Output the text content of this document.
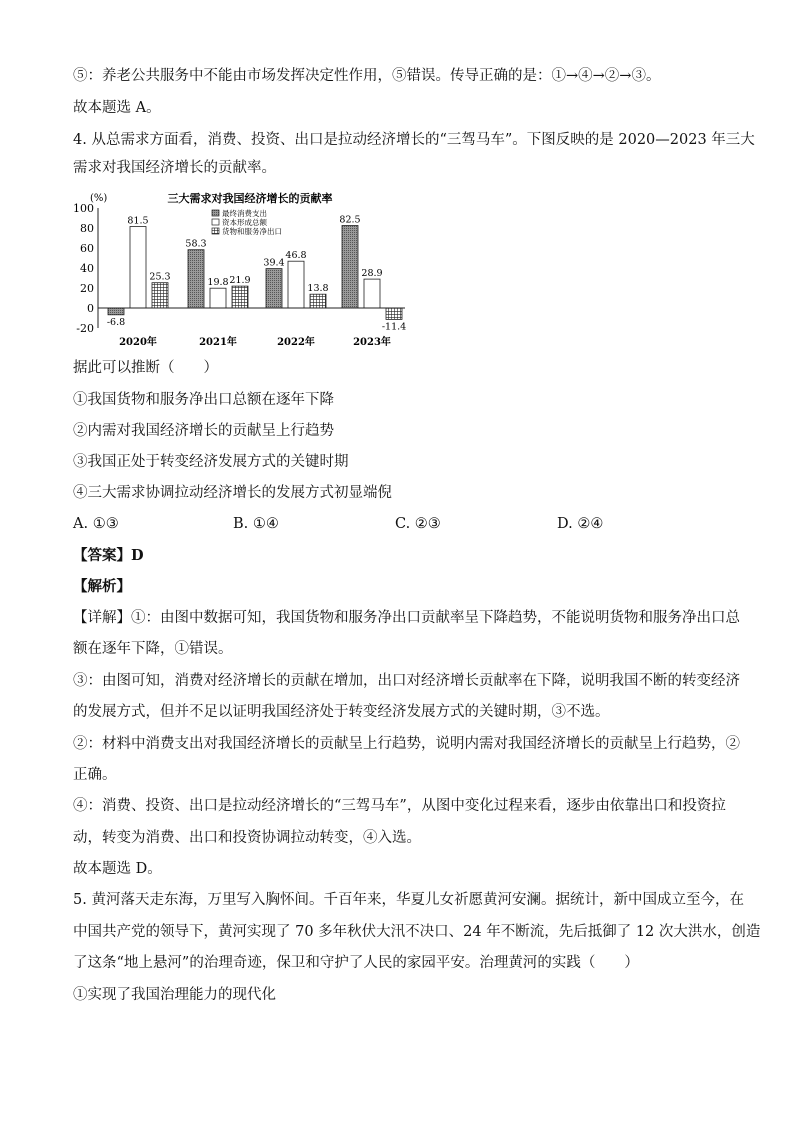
⑤：养老公共服务中不能由市场发挥决定性作用，⑤错误。传导正确的是：①→④→②→③。
故本题选 A。
4. 从总需求方面看，消费、投资、出口是拉动经济增长的“三驾马车”。下图反映的是 2020—2023 年三大
需求对我国经济增长的贡献率。
100
80
60
40
20
0
-20
2020年	2021年	2022年	2023年
-6.8
58.3
39.4
82.5
81.5
19.8
46.8
28.9
25.3	21.9
13.8
-11.4
(%)	三大需求对我国经济增长的贡献率
最终消费支出
资本形成总额
货物和服务净出口
据此可以推断（　　）
①我国货物和服务净出口总额在逐年下降
②内需对我国经济增长的贡献呈上行趋势
③我国正处于转变经济发展方式的关键时期
④三大需求协调拉动经济增长的发展方式初显端倪
A. ①③	B. ①④	C. ②③	D. ②④
【答案】D
【解析】
【详解】①：由图中数据可知，我国货物和服务净出口贡献率呈下降趋势，不能说明货物和服务净出口总
额在逐年下降，①错误。
③：由图可知，消费对经济增长的贡献在增加，出口对经济增长贡献率在下降，说明我国不断的转变经济
的发展方式，但并不足以证明我国经济处于转变经济发展方式的关键时期，③不选。
②：材料中消费支出对我国经济增长的贡献呈上行趋势，说明内需对我国经济增长的贡献呈上行趋势，②
正确。
④：消费、投资、出口是拉动经济增长的“三驾马车”，从图中变化过程来看，逐步由依靠出口和投资拉
动，转变为消费、出口和投资协调拉动转变，④入选。
故本题选 D。
5. 黄河落天走东海，万里写入胸怀间。千百年来，华夏儿女祈愿黄河安澜。据统计，新中国成立至今，在
中国共产党的领导下，黄河实现了 70 多年秋伏大汛不决口、24 年不断流，先后抵御了 12 次大洪水，创造
了这条“地上悬河”的治理奇迹，保卫和守护了人民的家园平安。治理黄河的实践（　　）
①实现了我国治理能力的现代化
